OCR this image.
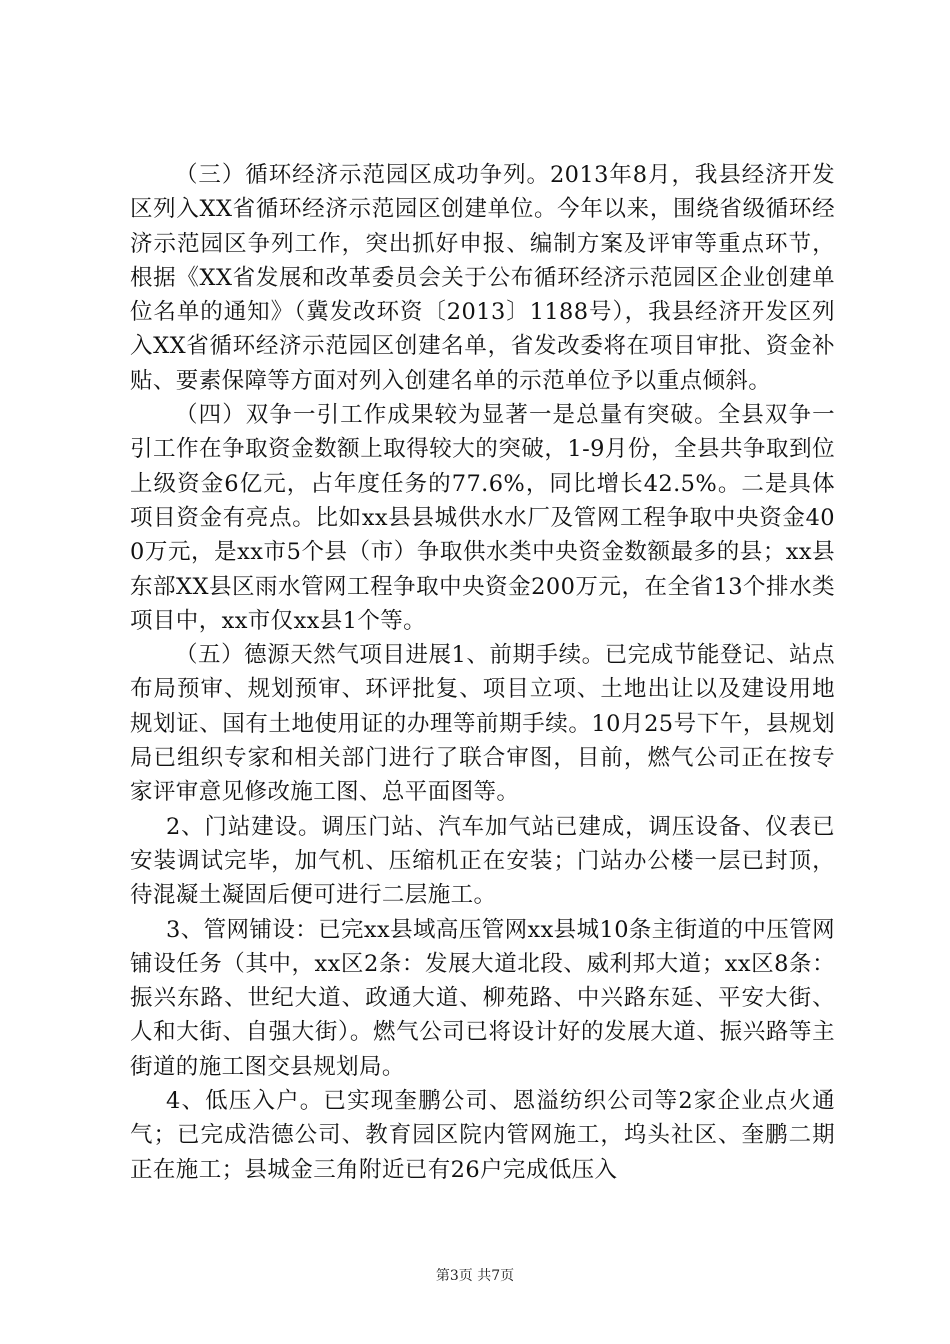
（三）循环经济示范园区成功争列。2013年8月，我县经济开发区列入XX省循环经济示范园区创建单位。今年以来，围绕省级循环经济示范园区争列工作，突出抓好申报、编制方案及评审等重点环节，根据《XX省发展和改革委员会关于公布循环经济示范园区企业创建单位名单的通知》（冀发改环资〔2013〕1188号），我县经济开发区列入XX省循环经济示范园区创建名单，省发改委将在项目审批、资金补贴、要素保障等方面对列入创建名单的示范单位予以重点倾斜。

（四）双争一引工作成果较为显著一是总量有突破。全县双争一引工作在争取资金数额上取得较大的突破，1-9月份，全县共争取到位上级资金6亿元，占年度任务的77.6%，同比增长42.5%。二是具体项目资金有亮点。比如xx县县城供水水厂及管网工程争取中央资金400万元，是xx市5个县（市）争取供水类中央资金数额最多的县；xx县东部XX县区雨水管网工程争取中央资金200万元，在全省13个排水类项目中，xx市仅xx县1个等。

（五）德源天然气项目进展1、前期手续。已完成节能登记、站点布局预审、规划预审、环评批复、项目立项、土地出让以及建设用地规划证、国有土地使用证的办理等前期手续。10月25号下午，县规划局已组织专家和相关部门进行了联合审图，目前，燃气公司正在按专家评审意见修改施工图、总平面图等。

2、门站建设。调压门站、汽车加气站已建成，调压设备、仪表已安装调试完毕，加气机、压缩机正在安装；门站办公楼一层已封顶，待混凝土凝固后便可进行二层施工。

3、管网铺设：已完xx县域高压管网xx县城10条主街道的中压管网铺设任务（其中，xx区2条：发展大道北段、威利邦大道；xx区8条：振兴东路、世纪大道、政通大道、柳苑路、中兴路东延、平安大街、人和大街、自强大街）。燃气公司已将设计好的发展大道、振兴路等主街道的施工图交县规划局。

4、低压入户。已实现奎鹏公司、恩溢纺织公司等2家企业点火通气；已完成浩德公司、教育园区院内管网施工，坞头社区、奎鹏二期正在施工；县城金三角附近已有26户完成低压入

第3页 共7页
